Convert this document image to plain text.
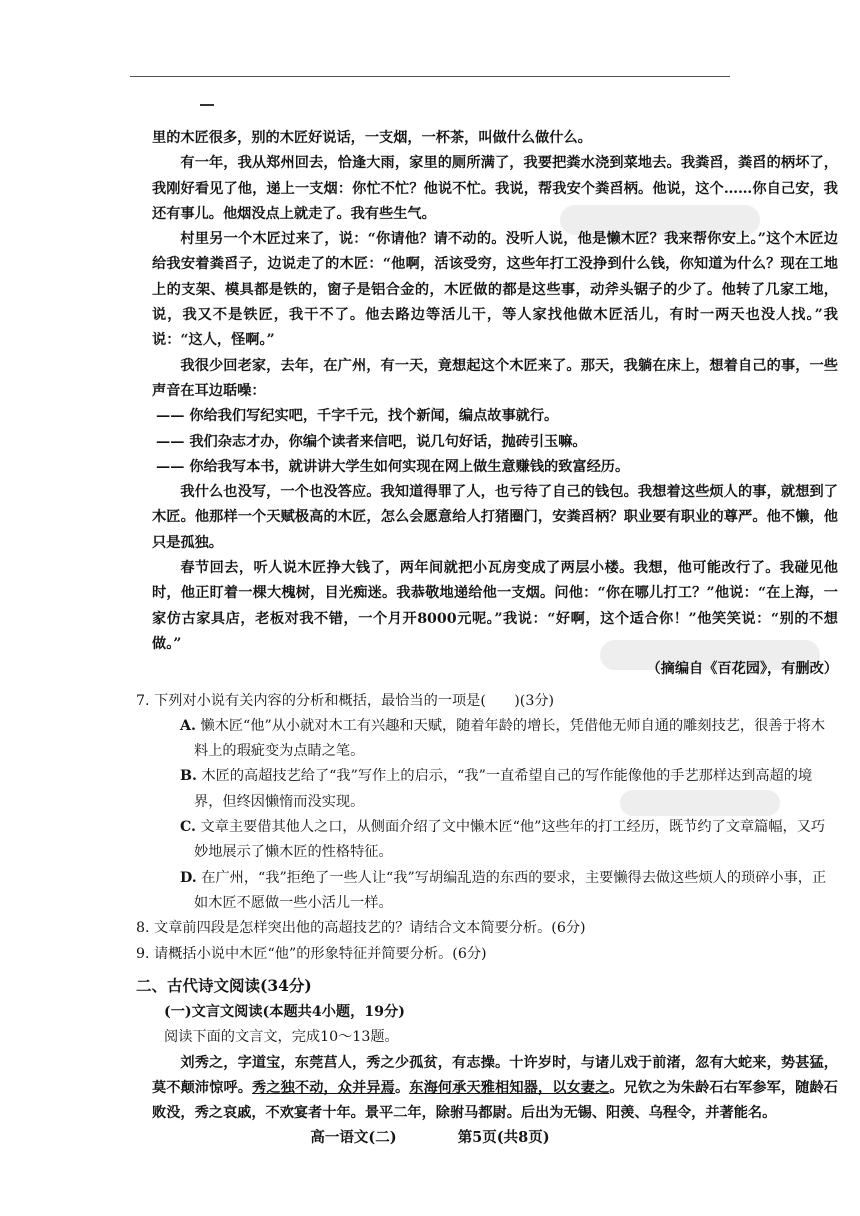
里的木匠很多，别的木匠好说话，一支烟，一杯茶，叫做什么做什么。

有一年，我从郑州回去，恰逢大雨，家里的厕所满了，我要把粪水浇到菜地去。我粪舀，粪舀的柄坏了，我刚好看见了他，递上一支烟：你忙不忙？他说不忙。我说，帮我安个粪舀柄。他说，这个……你自己安，我还有事儿。他烟没点上就走了。我有些生气。

村里另一个木匠过来了，说：“你请他？请不动的。没听人说，他是懒木匠？我来帮你安上。”这个木匠边给我安着粪舀子，边说走了的木匠：“他啊，活该受穷，这些年打工没挣到什么钱，你知道为什么？现在工地上的支架、模具都是铁的，窗子是铝合金的，木匠做的都是这些事，动斧头锯子的少了。他转了几家工地，说，我又不是铁匠，我干不了。他去路边等活儿干，等人家找他做木匠活儿，有时一两天也没人找。”我说：“这人，怪啊。”

我很少回老家，去年，在广州，有一天，竟想起这个木匠来了。那天，我躺在床上，想着自己的事，一些声音在耳边聒噪：

—— 你给我们写纪实吧，千字千元，找个新闻，编点故事就行。

—— 我们杂志才办，你编个读者来信吧，说几句好话，抛砖引玉嘛。

—— 你给我写本书，就讲讲大学生如何实现在网上做生意赚钱的致富经历。

我什么也没写，一个也没答应。我知道得罪了人，也亏待了自己的钱包。我想着这些烦人的事，就想到了木匠。他那样一个天赋极高的木匠，怎么会愿意给人打猪圈门，安粪舀柄？职业要有职业的尊严。他不懒，他只是孤独。

春节回去，听人说木匠挣大钱了，两年间就把小瓦房变成了两层小楼。我想，他可能改行了。我碰见他时，他正盯着一棵大槐树，目光痴迷。我恭敬地递给他一支烟。问他：“你在哪儿打工？”他说：“在上海，一家仿古家具店，老板对我不错，一个月开8000元呢。”我说：“好啊，这个适合你！”他笑笑说：“别的不想做。”

（摘编自《百花园》，有删改）

7. 下列对小说有关内容的分析和概括，最恰当的一项是(　　)(3分)

A. 懒木匠“他”从小就对木工有兴趣和天赋，随着年龄的增长，凭借他无师自通的雕刻技艺，很善于将木料上的瑕疵变为点睛之笔。

B. 木匠的高超技艺给了“我”写作上的启示，“我”一直希望自己的写作能像他的手艺那样达到高超的境界，但终因懒惰而没实现。

C. 文章主要借其他人之口，从侧面介绍了文中懒木匠“他”这些年的打工经历，既节约了文章篇幅，又巧妙地展示了懒木匠的性格特征。

D. 在广州，“我”拒绝了一些人让“我”写胡编乱造的东西的要求，主要懒得去做这些烦人的琐碎小事，正如木匠不愿做一些小活儿一样。

8. 文章前四段是怎样突出他的高超技艺的？请结合文本简要分析。(6分)

9. 请概括小说中木匠“他”的形象特征并简要分析。(6分)

二、古代诗文阅读(34分)

(一)文言文阅读(本题共4小题，19分)

阅读下面的文言文，完成10～13题。

刘秀之，字道宝，东莞莒人，秀之少孤贫，有志操。十许岁时，与诸儿戏于前渚，忽有大蛇来，势甚猛，莫不颠沛惊呼。秀之独不动，众并异焉。东海何承天雅相知器，以女妻之。兄钦之为朱龄石右军参军，随龄石败没，秀之哀戚，不欢宴者十年。景平二年，除驸马都尉。后出为无锡、阳羡、乌程令，并著能名。

高一语文(二)	第5页(共8页)
